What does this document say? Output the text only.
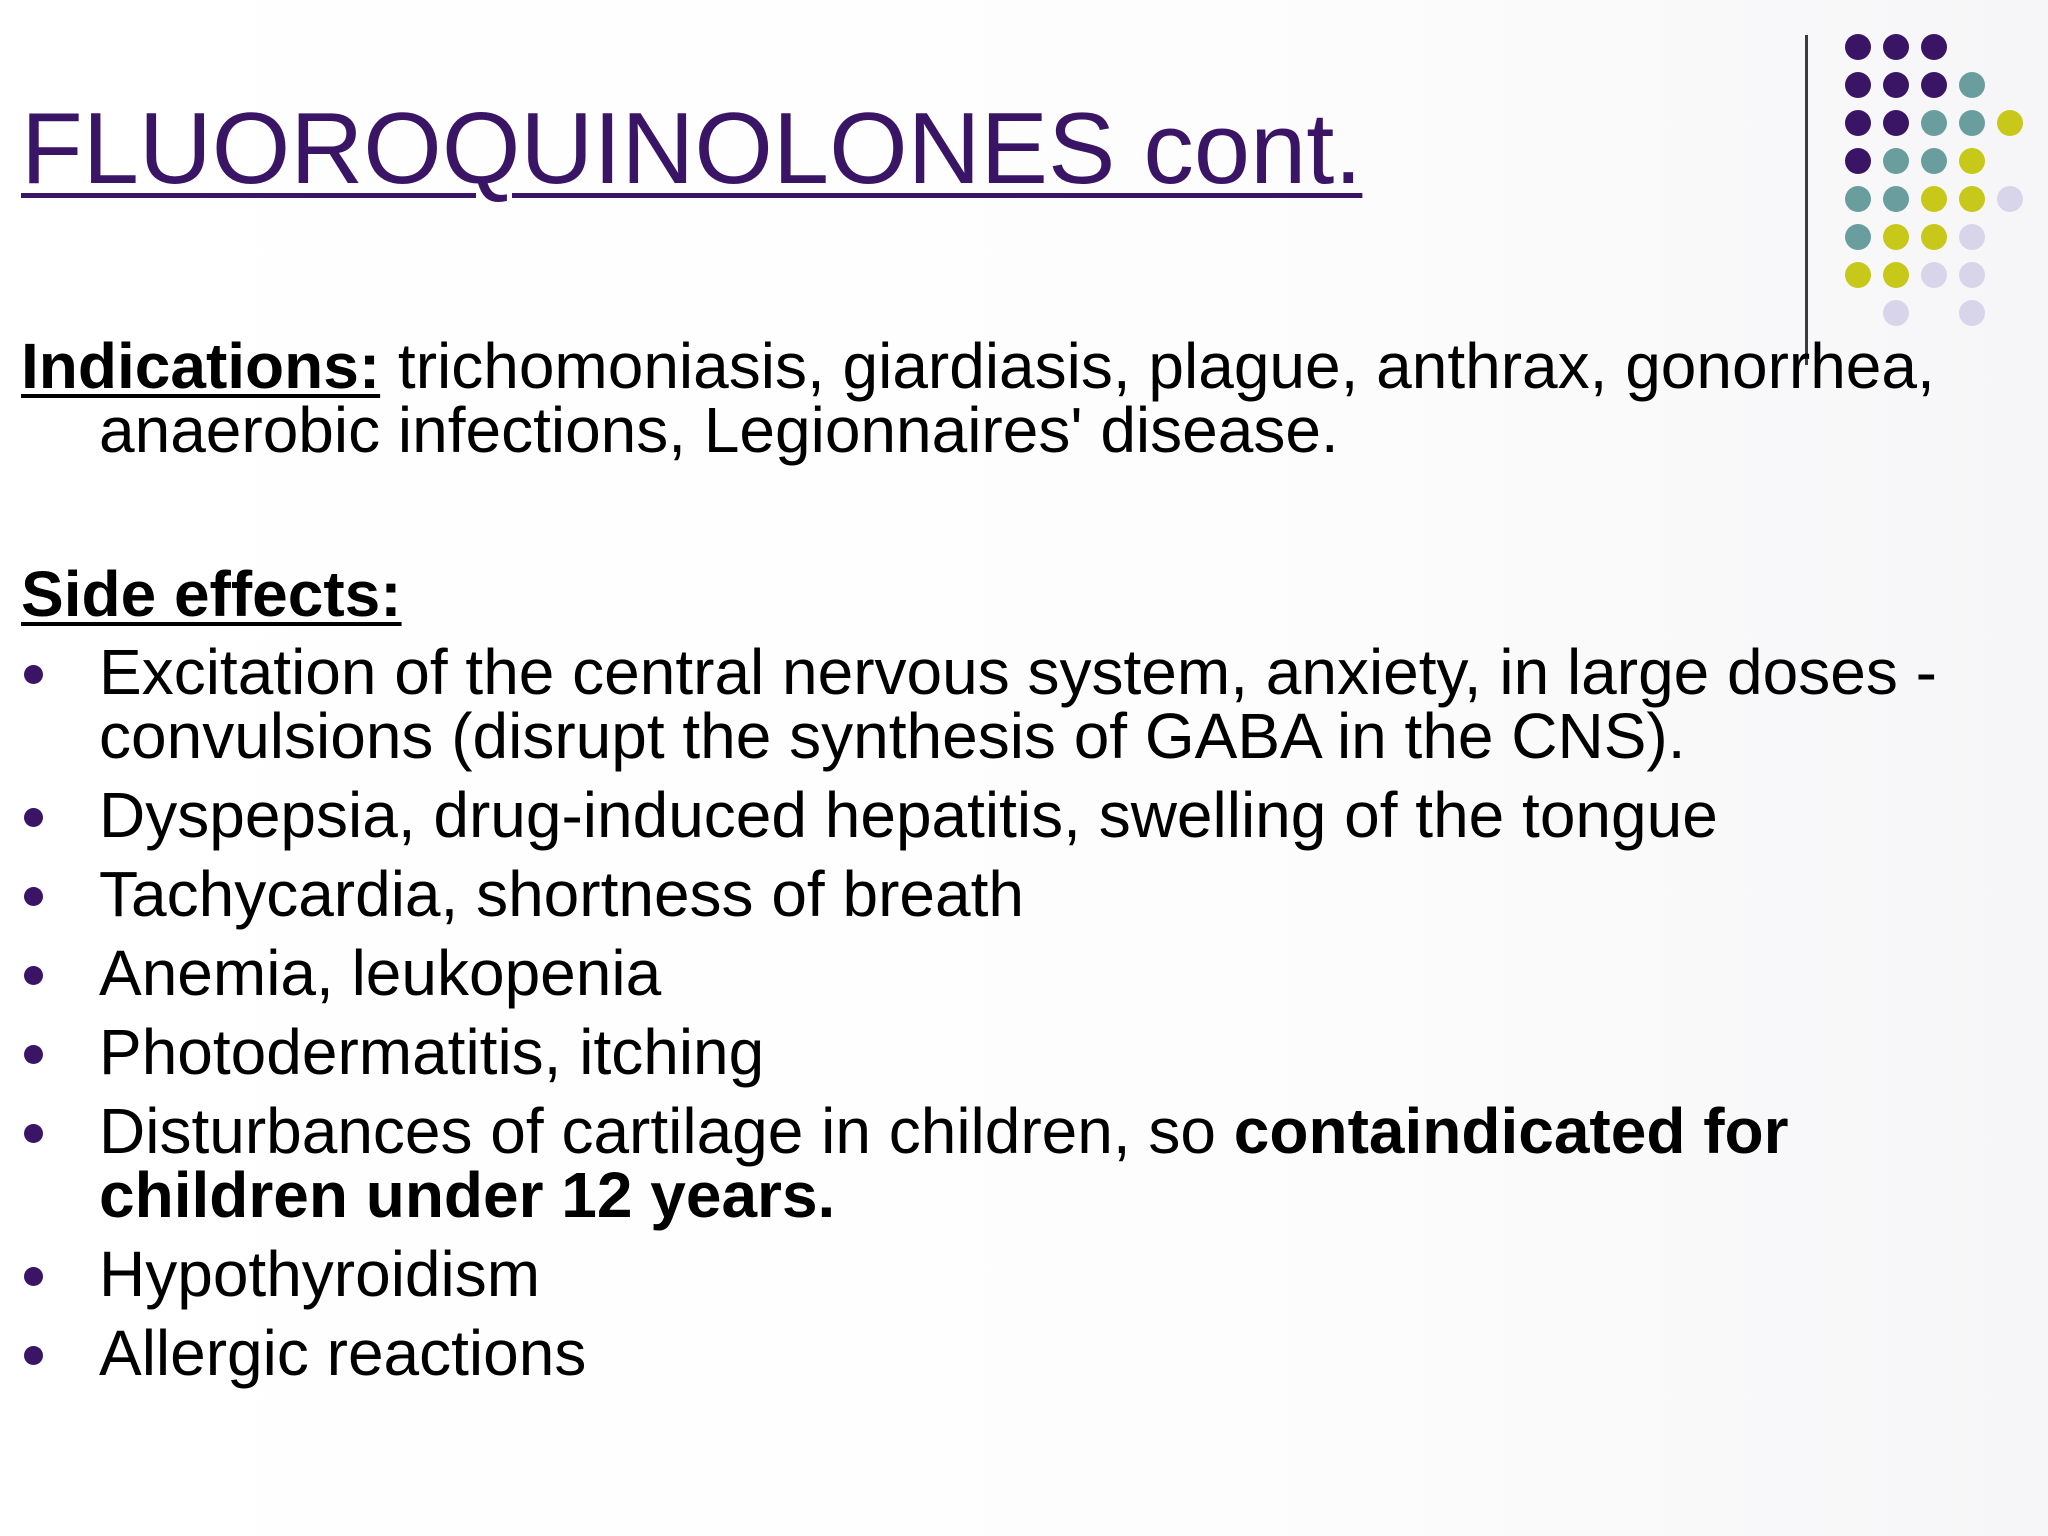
FLUOROQUINOLONES cont.

Indications: trichomoniasis, giardiasis, plague, anthrax, gonorrhea, anaerobic infections, Legionnaires' disease.

Side effects:
Excitation of the central nervous system, anxiety, in large doses - convulsions (disrupt the synthesis of GABA in the CNS).
Dyspepsia, drug-induced hepatitis, swelling of the tongue
Tachycardia, shortness of breath
Anemia, leukopenia
Photodermatitis, itching
Disturbances of cartilage in children, so containdicated for children under 12 years.
Hypothyroidism
Allergic reactions
